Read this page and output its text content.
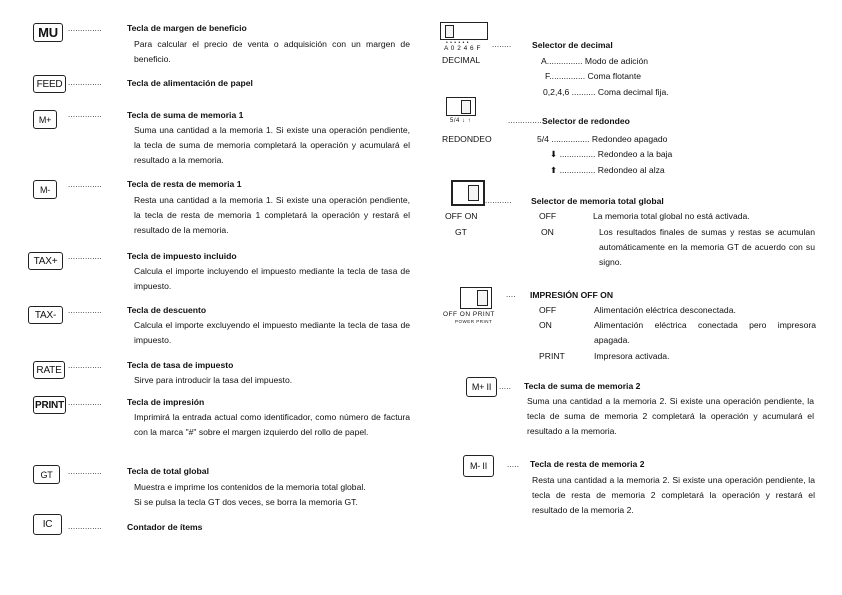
MU	..............	Tecla de margen de beneficio
Para calcular el precio de venta o adquisición con un margen de beneficio.
FEED ..............	Tecla de alimentación de papel
M+	..............	Tecla de suma de memoria 1
Suma una cantidad a la memoria 1. Si existe una operación pendiente, la tecla de suma de memoria completará la operación y acumulará el resultado a la memoria.
M-	..............	Tecla de resta de memoria 1
Resta una cantidad a la memoria 1. Si existe una operación pendiente, la tecla de resta de memoria 1 completará la operación y restará el resultado de la memoria.
TAX+	..............	Tecla de impuesto incluido
Calcula el importe incluyendo el impuesto mediante la tecla de tasa de impuesto.
TAX-	..............	Tecla de descuento
Calcula el importe excluyendo el impuesto mediante la tecla de tasa de impuesto.
RATE ..............	Tecla de tasa de impuesto
Sirve para introducir la tasa del impuesto.
PRINT ..............	Tecla de impresión
Imprimirá la entrada actual como identificador, como número de factura con la marca "#" sobre el margen izquierdo del rollo de papel.
GT	..............	Tecla de total global
Muestra e imprime los contenidos de la memoria total global.
Si se pulsa la tecla GT dos veces, se borra la memoria GT.
IC	..............	Contador de ítems
• • • • • •
A 0 2 4 6 F
DECIMAL
........ Selector de decimal
A............... Modo de adición
F............... Coma flotante
0,2,4,6 .......... Coma decimal fija.
5/4 ↓ ↑
REDONDEO
...............
Selector de redondeo
5/4 ................ Redondeo apagado
⬇ ............... Redondeo a la baja
⬆ ............... Redondeo al alza
OFF ON
GT
........... Selector de memoria total global
OFF	La memoria total global no está activada.
ON	Los resultados finales de sumas y restas se acumulan automáticamente en la memoria GT de acuerdo con su signo.
OFF ON PRINT
POWER PRINT
.... IMPRESIÓN OFF ON
OFF	Alimentación eléctrica desconectada.
ON	Alimentación eléctrica conectada pero impresora apagada.
PRINT	Impresora activada.
M+ II ..... Tecla de suma de memoria 2
Suma una cantidad a la memoria 2. Si existe una operación pendiente, la tecla de suma de memoria 2 completará la operación y acumulará el resultado a la memoria.
M- II	..... Tecla de resta de memoria 2
Resta una cantidad a la memoria 2. Si existe una operación pendiente, la tecla de resta de memoria 2 completará la operación y restará el resultado de la memoria 2.
